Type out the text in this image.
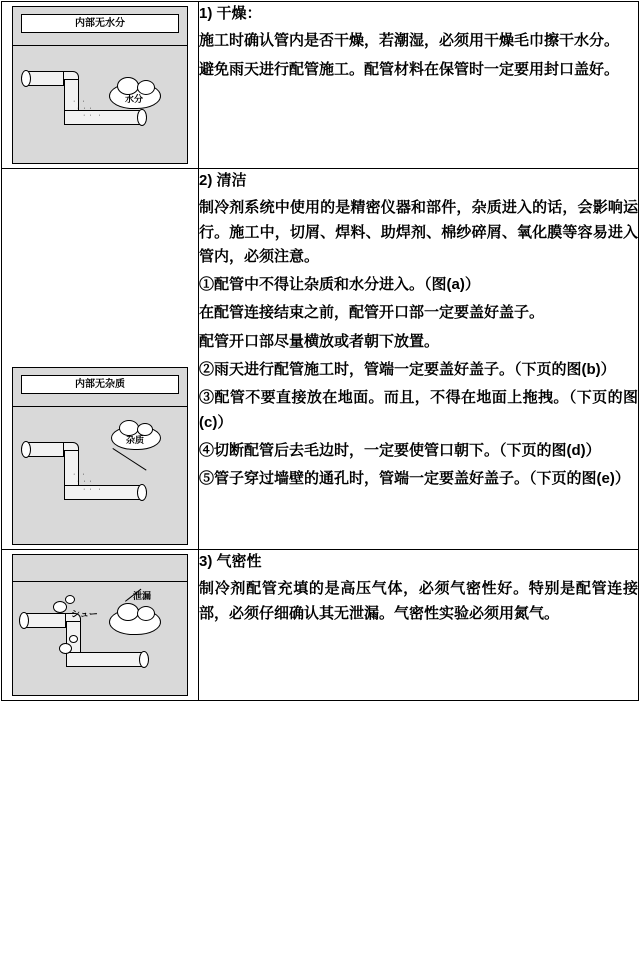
内部无水分
水分
·  ·
· · ·
· ·  ·

1) 干燥：

施工时确认管内是否干燥，若潮湿，必须用干燥毛巾擦干水分。

避免雨天进行配管施工。配管材料在保管时一定要用封口盖好。

内部无杂质
杂质
·  ·
· · ·
· ·  ·

2) 清洁

制冷剂系统中使用的是精密仪器和部件，杂质进入的话，会影响运行。施工中，切屑、焊料、助焊剂、棉纱碎屑、氧化膜等容易进入管内，必须注意。

①配管中不得让杂质和水分进入。（图(a)）

在配管连接结束之前，配管开口部一定要盖好盖子。

配管开口部尽量横放或者朝下放置。

②雨天进行配管施工时，管端一定要盖好盖子。（下页的图(b)）

③配管不要直接放在地面。而且，不得在地面上拖拽。（下页的图(c)）

④切断配管后去毛边时，一定要使管口朝下。（下页的图(d)）

⑤管子穿过墙壁的通孔时，管端一定要盖好盖子。（下页的图(e)）

シュー
泄漏

3) 气密性

制冷剂配管充填的是高压气体，必须气密性好。特别是配管连接部，必须仔细确认其无泄漏。气密性实验必须用氮气。
